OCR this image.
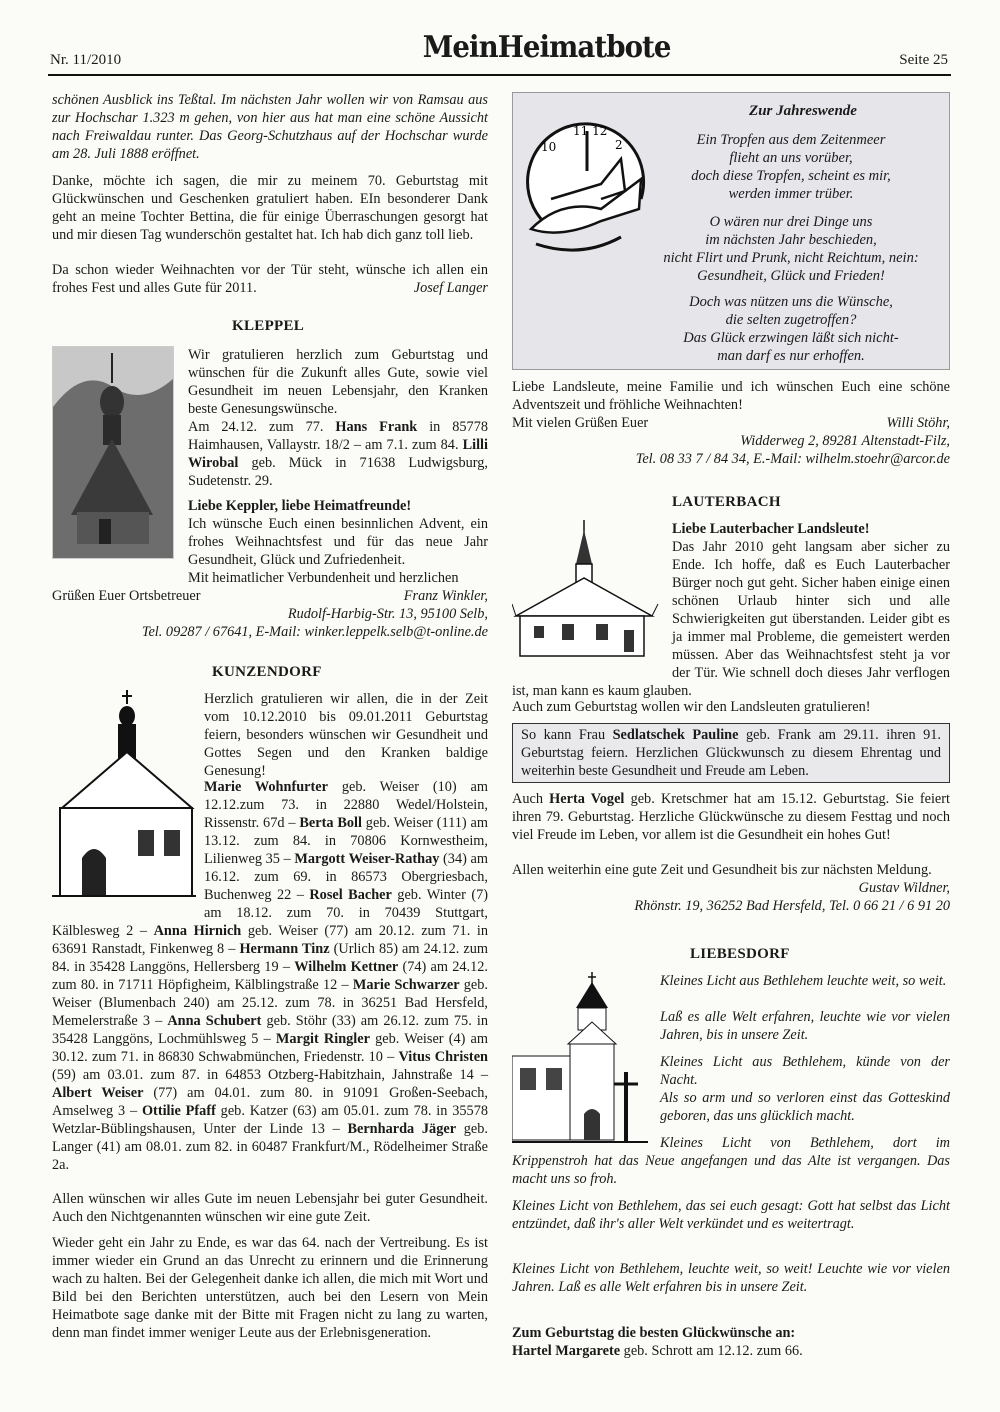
Nr. 11/2010	MeinHeimatbote	Seite 25
schönen Ausblick ins Teßtal. Im nächsten Jahr wollen wir von Ramsau aus zur Hochschar 1.323 m gehen, von hier aus hat man eine schöne Aussicht nach Freiwaldau runter. Das Georg-Schutzhaus auf der Hochschar wurde am 28. Juli 1888 eröffnet.
Danke, möchte ich sagen, die mir zu meinem 70. Geburtstag mit Glückwünschen und Geschenken gratuliert haben. EIn besonderer Dank geht an meine Tochter Bettina, die für einige Überraschungen gesorgt hat und mir diesen Tag wunderschön gestaltet hat. Ich hab dich ganz toll lieb.
Da schon wieder Weihnachten vor der Tür steht, wünsche ich allen ein frohes Fest und alles Gute für 2011.	Josef Langer
KLEPPEL
Wir gratulieren herzlich zum Geburtstag und wünschen für die Zukunft alles Gute, sowie viel Gesundheit im neuen Lebensjahr, den Kranken beste Genesungswünsche.
Am 24.12. zum 77. Hans Frank in 85778 Haimhausen, Vallaystr. 18/2 – am 7.1. zum 84. Lilli Wirobal geb. Mück in 71638 Ludwigsburg, Sudetenstr. 29.
Liebe Keppler, liebe Heimatfreunde!
Ich wünsche Euch einen besinnlichen Advent, ein frohes Weihnachtsfest und für das neue Jahr Gesundheit, Glück und Zufriedenheit.
Mit heimatlicher Verbundenheit und herzlichen
Grüßen Euer Ortsbetreuer	Franz Winkler,
Rudolf-Harbig-Str. 13, 95100 Selb,
Tel. 09287 / 67641, E-Mail: winker.leppelk.selb@t-online.de
KUNZENDORF
Herzlich gratulieren wir allen, die in der Zeit vom 10.12.2010 bis 09.01.2011 Geburtstag feiern, besonders wünschen wir Gesundheit und Gottes Segen und den Kranken baldige Genesung!
Marie Wohnfurter geb. Weiser (10) am 12.12.zum 73. in 22880 Wedel/Holstein, Rissenstr. 67d – Berta Boll geb. Weiser (111) am 13.12. zum 84. in 70806 Kornwestheim, Lilienweg 35 – Margott Weiser-Rathay (34) am 16.12. zum 69. in 86573 Obergriesbach, Buchenweg 22 – Rosel Bacher geb. Winter (7) am 18.12. zum 70. in 70439 Stuttgart, Kälblesweg 2 – Anna Hirnich geb. Weiser (77) am 20.12. zum 71. in 63691 Ranstadt, Finkenweg 8 – Hermann Tinz (Urlich 85) am 24.12. zum 84. in 35428 Langgöns, Hellersberg 19 – Wilhelm Kettner (74) am 24.12. zum 80. in 71711 Höpfigheim, Kälblingstraße 12 – Marie Schwarzer geb. Weiser (Blumenbach 240) am 25.12. zum 78. in 36251 Bad Hersfeld, Memelerstraße 3 – Anna Schubert geb. Stöhr (33) am 26.12. zum 75. in 35428 Langgöns, Lochmühlsweg 5 – Margit Ringler geb. Weiser (4) am 30.12. zum 71. in 86830 Schwabmünchen, Friedenstr. 10 – Vitus Christen (59) am 03.01. zum 87. in 64853 Otzberg-Habitzhain, Jahnstraße 14 – Albert Weiser (77) am 04.01. zum 80. in 91091 Großen-Seebach, Amselweg 3 – Ottilie Pfaff geb. Katzer (63) am 05.01. zum 78. in 35578 Wetzlar-Büblingshausen, Unter der Linde 13 – Bernharda Jäger geb. Langer (41) am 08.01. zum 82. in 60487 Frankfurt/M., Rödelheimer Straße 2a.
Allen wünschen wir alles Gute im neuen Lebensjahr bei guter Gesundheit. Auch den Nichtgenannten wünschen wir eine gute Zeit.
Wieder geht ein Jahr zu Ende, es war das 64. nach der Vertreibung. Es ist immer wieder ein Grund an das Unrecht zu erinnern und die Erinnerung wach zu halten. Bei der Gelegenheit danke ich allen, die mich mit Wort und Bild bei den Berichten unterstützen, auch bei den Lesern von Mein Heimatbote sage danke mit der Bitte mit Fragen nicht zu lang zu warten, denn man findet immer weniger Leute aus der Erlebnisgeneration.
11 12
10	2
Zur Jahreswende
Ein Tropfen aus dem Zeitenmeer
flieht an uns vorüber,
doch diese Tropfen, scheint es mir,
werden immer trüber.
O wären nur drei Dinge uns
im nächsten Jahr beschieden,
nicht Flirt und Prunk, nicht Reichtum, nein:
Gesundheit, Glück und Frieden!
Doch was nützen uns die Wünsche,
die selten zugetroffen?
Das Glück erzwingen läßt sich nicht-
man darf es nur erhoffen.
Liebe Landsleute, meine Familie und ich wünschen Euch eine schöne Adventszeit und fröhliche Weihnachten!
Mit vielen Grüßen Euer	Willi Stöhr,
Widderweg 2, 89281 Altenstadt-Filz,
Tel. 08 33 7 / 84 34, E.-Mail: wilhelm.stoehr@arcor.de
LAUTERBACH
Liebe Lauterbacher Landsleute!
Das Jahr 2010 geht langsam aber sicher zu Ende. Ich hoffe, daß es Euch Lauterbacher Bürger noch gut geht. Sicher haben einige einen schönen Urlaub hinter sich und alle Schwierigkeiten gut überstanden. Leider gibt es ja immer mal Probleme, die gemeistert werden müssen. Aber das Weihnachtsfest steht ja vor der Tür. Wie schnell doch dieses Jahr verflogen ist, man kann es kaum glauben.
Auch zum Geburtstag wollen wir den Landsleuten gratulieren!
So kann Frau Sedlatschek Pauline geb. Frank am 29.11. ihren 91. Geburtstag feiern. Herzlichen Glückwunsch zu diesem Ehrentag und weiterhin beste Gesundheit und Freude am Leben.
Auch Herta Vogel geb. Kretschmer hat am 15.12. Geburtstag. Sie feiert ihren 79. Geburtstag. Herzliche Glückwünsche zu diesem Festtag und noch viel Freude im Leben, vor allem ist die Gesundheit ein hohes Gut!
Allen weiterhin eine gute Zeit und Gesundheit bis zur nächsten Meldung.
Gustav Wildner,
Rhönstr. 19, 36252 Bad Hersfeld, Tel. 0 66 21 / 6 91 20
LIEBESDORF
Kleines Licht aus Bethlehem leuchte weit, so weit.
Laß es alle Welt erfahren, leuchte wie vor vielen Jahren, bis in unsere Zeit.
Kleines Licht aus Bethlehem, künde von der Nacht.
Als so arm und so verloren einst das Gotteskind geboren, das uns glücklich macht.
Kleines Licht von Bethlehem, dort im Krippenstroh hat das Neue angefangen und das Alte ist vergangen. Das macht uns so froh.
Kleines Licht von Bethlehem, das sei euch gesagt: Gott hat selbst das Licht entzündet, daß ihr's aller Welt verkündet und es weitertragt.
Kleines Licht von Bethlehem, leuchte weit, so weit! Leuchte wie vor vielen Jahren. Laß es alle Welt erfahren bis in unsere Zeit.
Zum Geburtstag die besten Glückwünsche an:
Hartel Margarete geb. Schrott am 12.12. zum 66.
